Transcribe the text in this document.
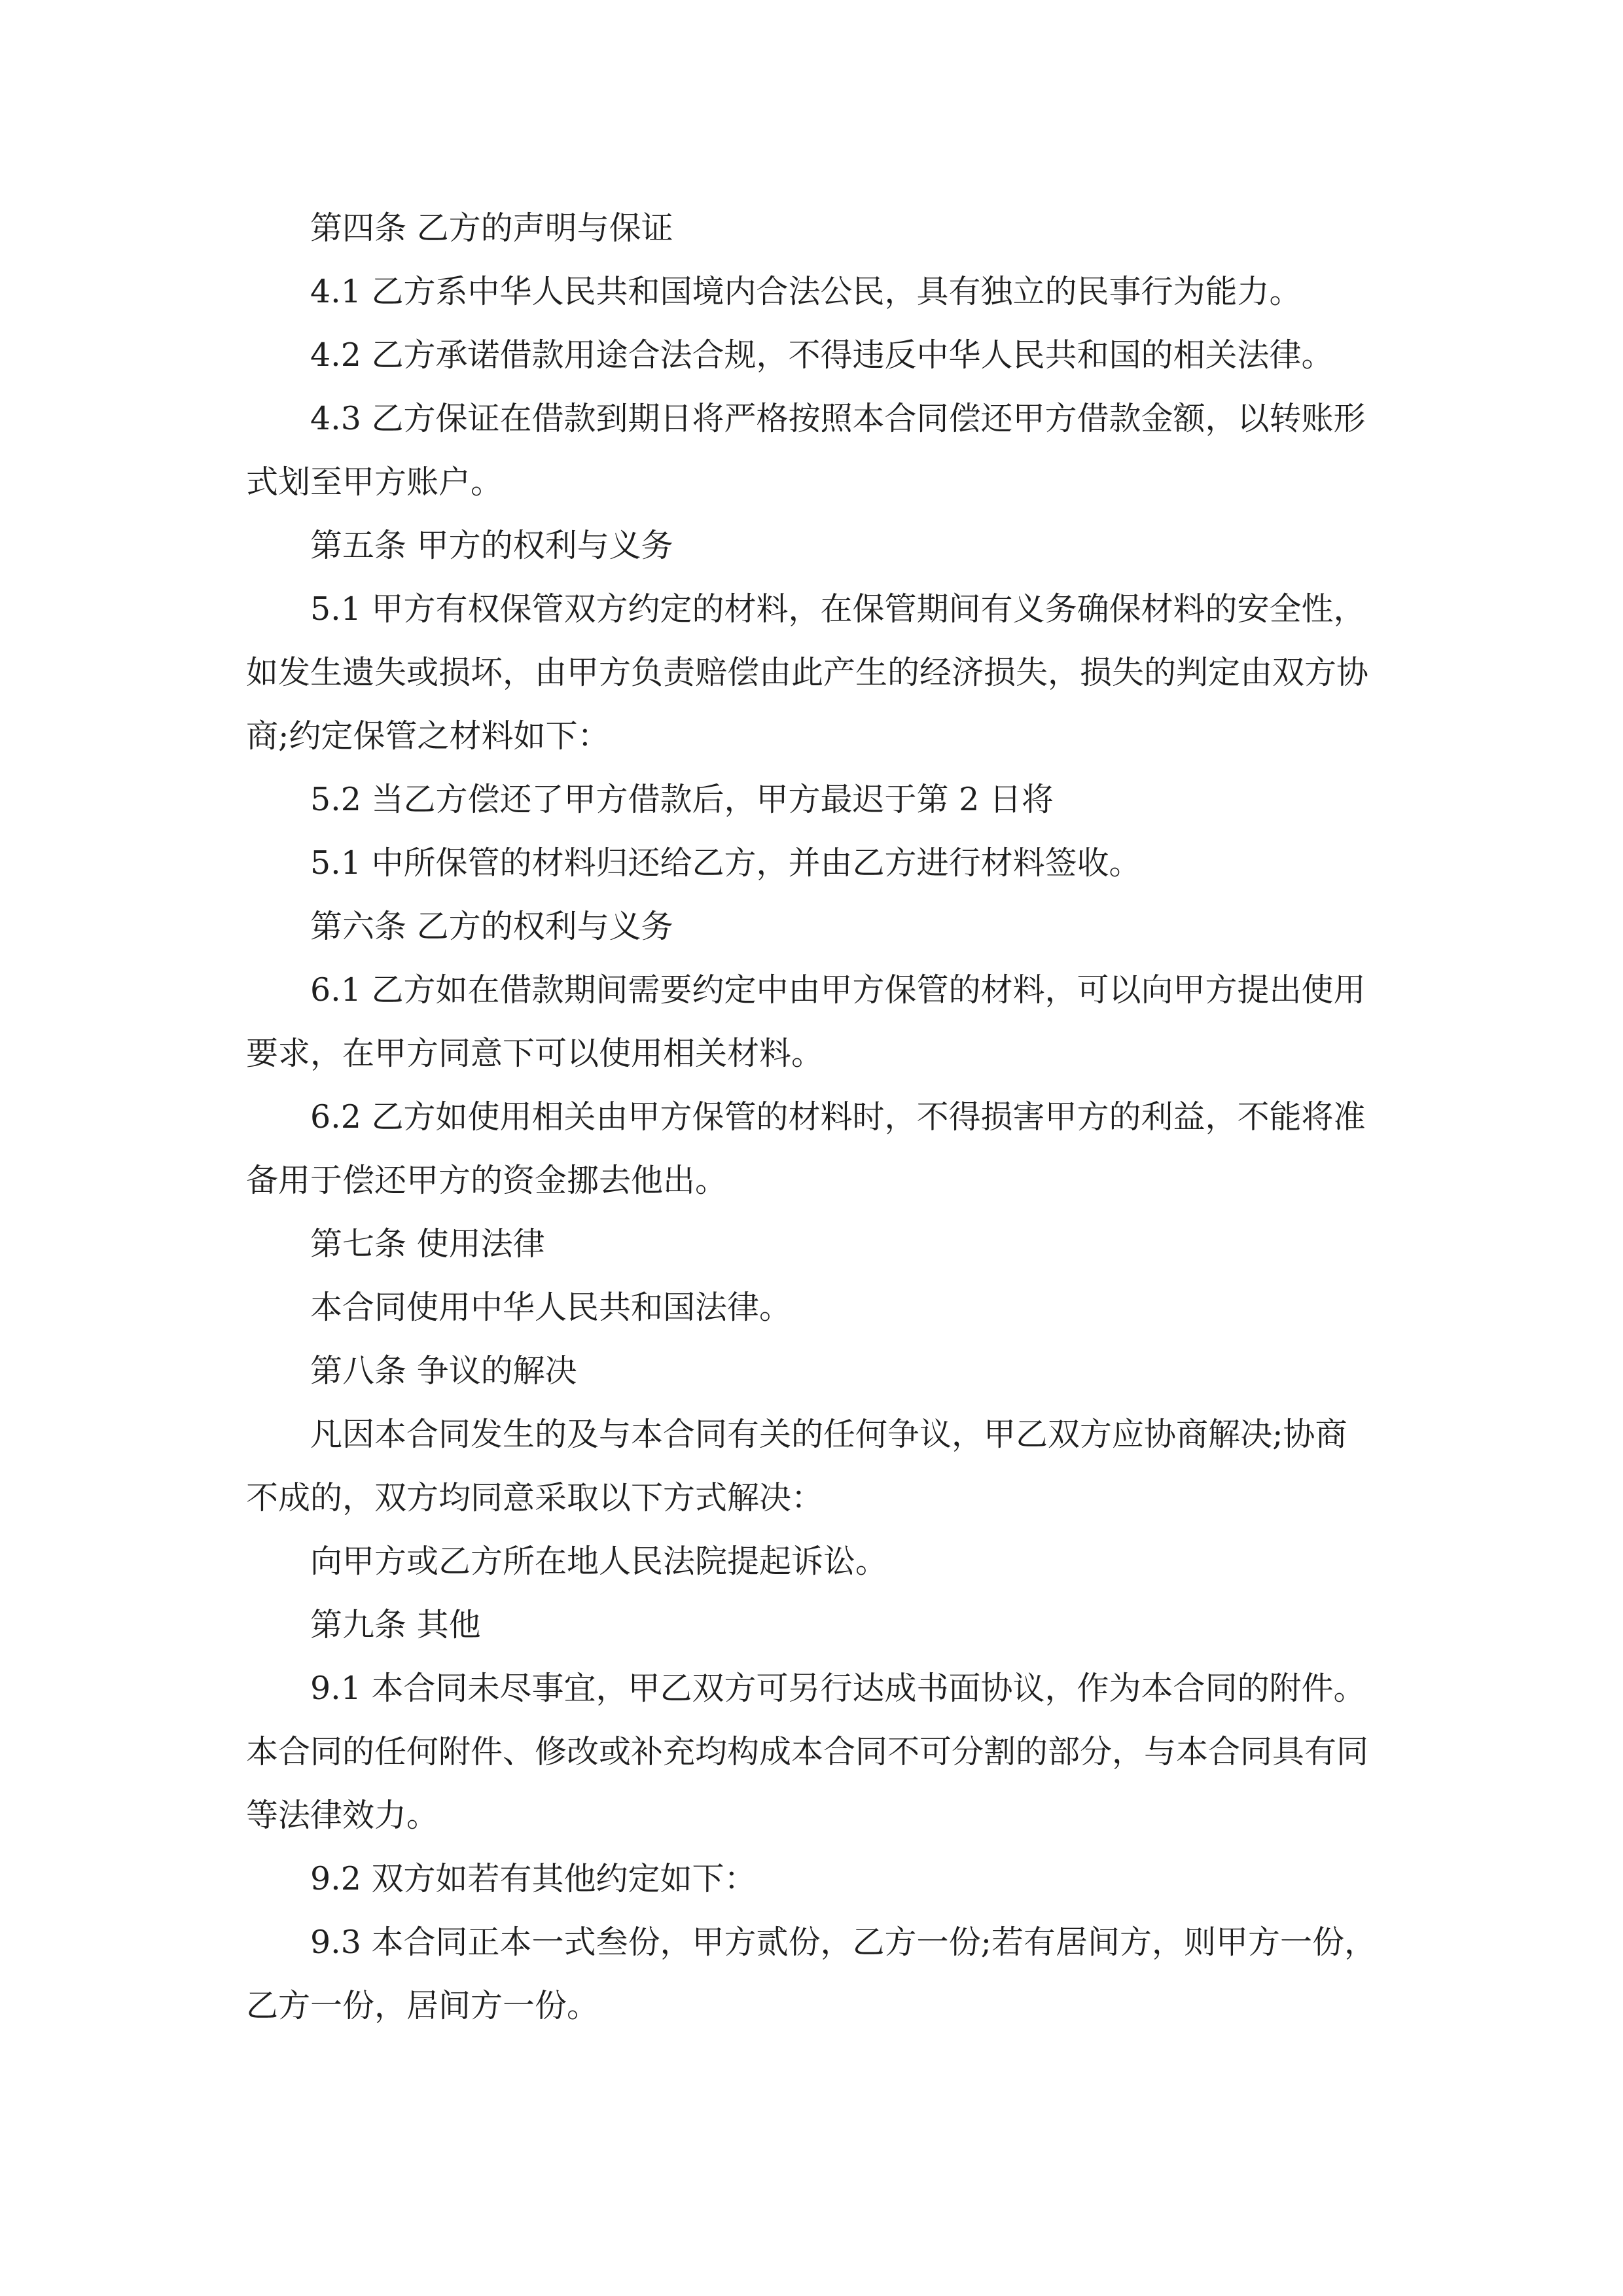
第四条 乙方的声明与保证

4.1 乙方系中华人民共和国境内合法公民，具有独立的民事行为能力。

4.2 乙方承诺借款用途合法合规，不得违反中华人民共和国的相关法律。

4.3 乙方保证在借款到期日将严格按照本合同偿还甲方借款金额，以转账形

式划至甲方账户。

第五条 甲方的权利与义务

5.1 甲方有权保管双方约定的材料，在保管期间有义务确保材料的安全性，

如发生遗失或损坏，由甲方负责赔偿由此产生的经济损失，损失的判定由双方协

商;约定保管之材料如下：

5.2 当乙方偿还了甲方借款后，甲方最迟于第 2 日将

5.1 中所保管的材料归还给乙方，并由乙方进行材料签收。

第六条 乙方的权利与义务

6.1 乙方如在借款期间需要约定中由甲方保管的材料，可以向甲方提出使用

要求，在甲方同意下可以使用相关材料。

6.2 乙方如使用相关由甲方保管的材料时，不得损害甲方的利益，不能将准

备用于偿还甲方的资金挪去他出。

第七条 使用法律

本合同使用中华人民共和国法律。

第八条 争议的解决

凡因本合同发生的及与本合同有关的任何争议，甲乙双方应协商解决;协商

不成的，双方均同意采取以下方式解决：

向甲方或乙方所在地人民法院提起诉讼。

第九条 其他

9.1 本合同未尽事宜，甲乙双方可另行达成书面协议，作为本合同的附件。

本合同的任何附件、修改或补充均构成本合同不可分割的部分，与本合同具有同

等法律效力。

9.2 双方如若有其他约定如下：

9.3 本合同正本一式叁份，甲方贰份，乙方一份;若有居间方，则甲方一份，

乙方一份，居间方一份。
